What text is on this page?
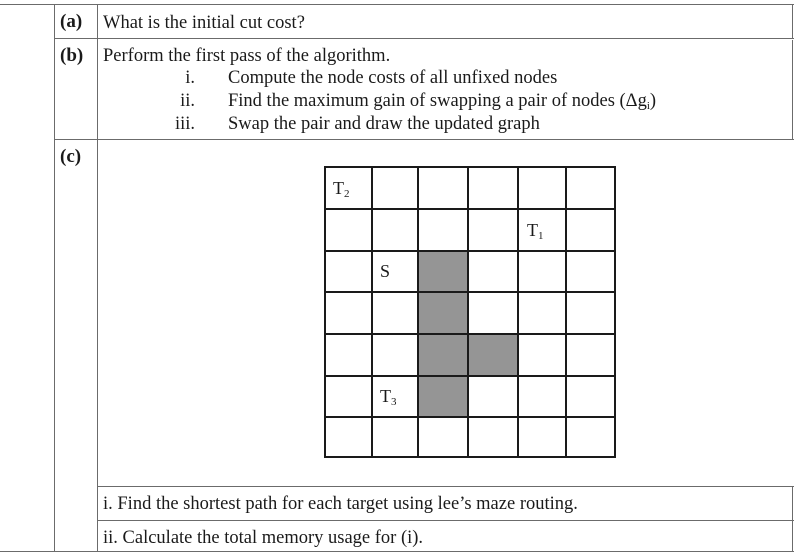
(a) What is the initial cut cost?
(b) Perform the first pass of the algorithm.
i. Compute the node costs of all unfixed nodes
ii. Find the maximum gain of swapping a pair of nodes $(\Delta g_i)$
iii. Swap the pair and draw the updated graph
(c)
$T_2$
$T_1$
S
$T_3$
i. Find the shortest path for each target using lee’s maze routing.
ii. Calculate the total memory usage for (i).
